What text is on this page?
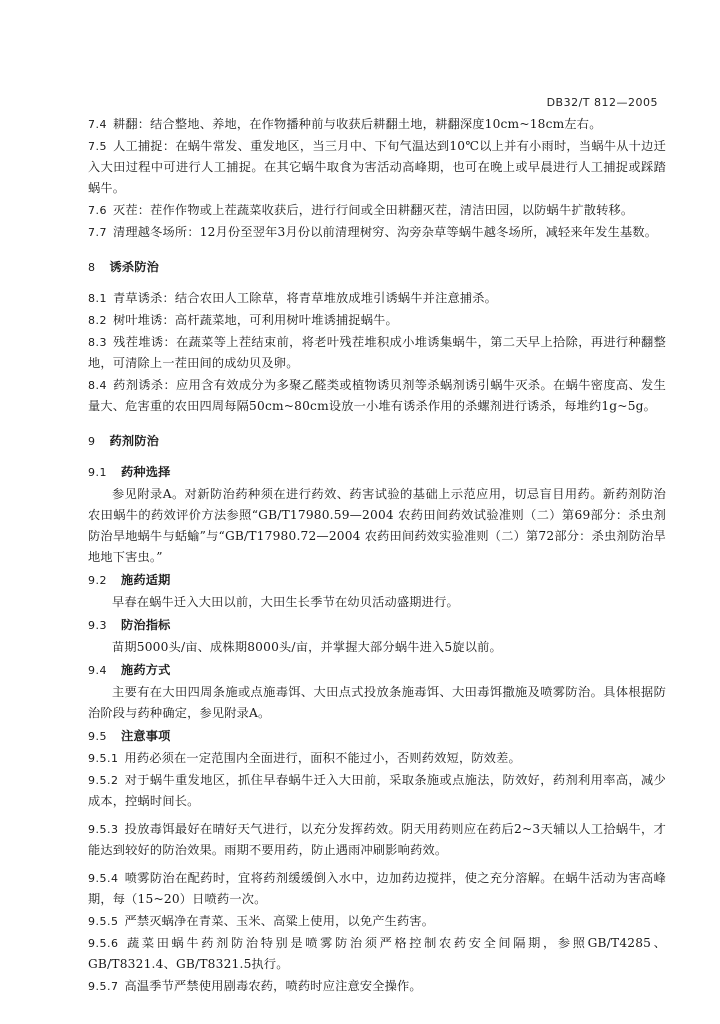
DB32/T 812—2005
7.4 耕翻：结合整地、养地，在作物播种前与收获后耕翻土地，耕翻深度10cm~18cm左右。
7.5 人工捕捉：在蜗牛常发、重发地区，当三月中、下旬气温达到10℃以上并有小雨时，当蜗牛从十边迁入大田过程中可进行人工捕捉。在其它蜗牛取食为害活动高峰期，也可在晚上或早晨进行人工捕捉或踩踏蜗牛。
7.6 灭茬：茬作作物或上茬蔬菜收获后，进行行间或全田耕翻灭茬，清洁田园，以防蜗牛扩散转移。
7.7 清理越冬场所：12月份至翌年3月份以前清理树穷、沟旁杂草等蜗牛越冬场所，减轻来年发生基数。
8 诱杀防治
8.1 青草诱杀：结合农田人工除草，将青草堆放成堆引诱蜗牛并注意捕杀。
8.2 树叶堆诱：高杆蔬菜地，可利用树叶堆诱捕捉蜗牛。
8.3 残茬堆诱：在蔬菜等上茬结束前，将老叶残茬堆积成小堆诱集蜗牛，第二天早上拾除，再进行种翻整地，可清除上一茬田间的成幼贝及卵。
8.4 药剂诱杀：应用含有效成分为多聚乙醛类或植物诱贝剂等杀蜗剂诱引蜗牛灭杀。在蜗牛密度高、发生量大、危害重的农田四周每隔50cm~80cm设放一小堆有诱杀作用的杀螺剂进行诱杀，每堆约1g~5g。
9 药剂防治
9.1 药种选择
参见附录A。对新防治药种须在进行药效、药害试验的基础上示范应用，切忌盲目用药。新药剂防治农田蜗牛的药效评价方法参照“GB/T17980.59—2004 农药田间药效试验准则（二）第69部分：杀虫剂防治旱地蜗牛与蛞蝓”与“GB/T17980.72—2004 农药田间药效实验准则（二）第72部分：杀虫剂防治旱地地下害虫。”
9.2 施药适期
早春在蜗牛迁入大田以前，大田生长季节在幼贝活动盛期进行。
9.3 防治指标
苗期5000头/亩、成株期8000头/亩，并掌握大部分蜗牛进入5旋以前。
9.4 施药方式
主要有在大田四周条施或点施毒饵、大田点式投放条施毒饵、大田毒饵撒施及喷雾防治。具体根据防治阶段与药种确定，参见附录A。
9.5 注意事项
9.5.1 用药必须在一定范围内全面进行，面积不能过小，否则药效短，防效差。
9.5.2 对于蜗牛重发地区，抓住早春蜗牛迁入大田前，采取条施或点施法，防效好，药剂利用率高，减少成本，控蜗时间长。
9.5.3 投放毒饵最好在晴好天气进行，以充分发挥药效。阴天用药则应在药后2~3天辅以人工拾蜗牛，才能达到较好的防治效果。雨期不要用药，防止遇雨冲刷影响药效。
9.5.4 喷雾防治在配药时，宜将药剂缓缓倒入水中，边加药边搅拌，使之充分溶解。在蜗牛活动为害高峰期，每（15~20）日喷药一次。
9.5.5 严禁灭蜗净在青菜、玉米、高粱上使用，以免产生药害。
9.5.6 蔬菜田蜗牛药剂防治特别是喷雾防治须严格控制农药安全间隔期，参照GB/T4285、GB/T8321.4、GB/T8321.5执行。
9.5.7 高温季节严禁使用剧毒农药，喷药时应注意安全操作。
